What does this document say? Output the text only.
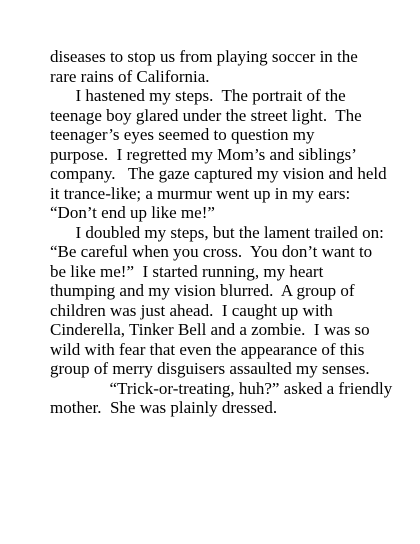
diseases to stop us from playing soccer in the
rare rains of California.
I hastened my steps.  The portrait of the
teenage boy glared under the street light.  The
teenager’s eyes seemed to question my
purpose.  I regretted my Mom’s and siblings’
company.   The gaze captured my vision and held
it trance-like; a murmur went up in my ears:
“Don’t end up like me!”
I doubled my steps, but the lament trailed on:
“Be careful when you cross.  You don’t want to
be like me!”  I started running, my heart
thumping and my vision blurred.  A group of
children was just ahead.  I caught up with
Cinderella, Tinker Bell and a zombie.  I was so
wild with fear that even the appearance of this
group of merry disguisers assaulted my senses.
“Trick-or-treating, huh?” asked a friendly
mother.  She was plainly dressed.
